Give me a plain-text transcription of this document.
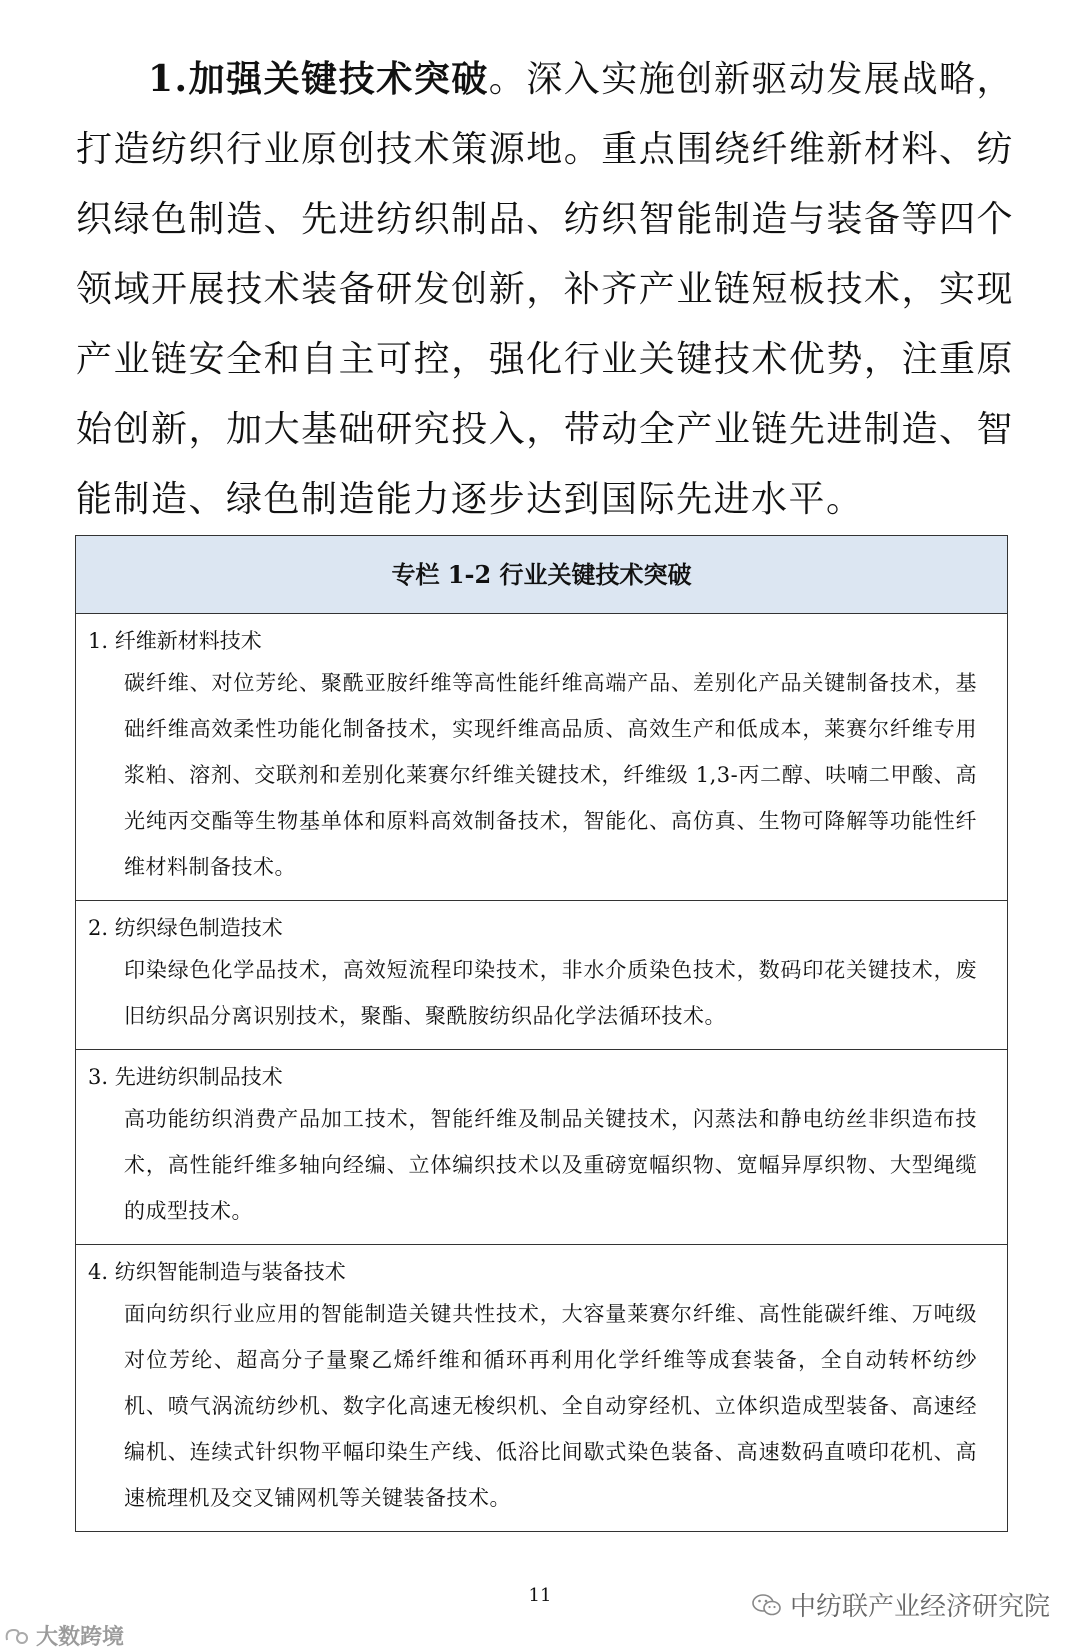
1.加强关键技术突破。深入实施创新驱动发展战略，打造纺织行业原创技术策源地。重点围绕纤维新材料、纺织绿色制造、先进纺织制品、纺织智能制造与装备等四个领域开展技术装备研发创新，补齐产业链短板技术，实现产业链安全和自主可控，强化行业关键技术优势，注重原始创新，加大基础研究投入，带动全产业链先进制造、智能制造、绿色制造能力逐步达到国际先进水平。

专栏 1-2 行业关键技术突破
1. 纤维新材料技术
碳纤维、对位芳纶、聚酰亚胺纤维等高性能纤维高端产品、差别化产品关键制备技术，基础纤维高效柔性功能化制备技术，实现纤维高品质、高效生产和低成本，莱赛尔纤维专用浆粕、溶剂、交联剂和差别化莱赛尔纤维关键技术，纤维级 1,3-丙二醇、呋喃二甲酸、高光纯丙交酯等生物基单体和原料高效制备技术，智能化、高仿真、生物可降解等功能性纤维材料制备技术。
2. 纺织绿色制造技术
印染绿色化学品技术，高效短流程印染技术，非水介质染色技术，数码印花关键技术，废旧纺织品分离识别技术，聚酯、聚酰胺纺织品化学法循环技术。
3. 先进纺织制品技术
高功能纺织消费产品加工技术，智能纤维及制品关键技术，闪蒸法和静电纺丝非织造布技术，高性能纤维多轴向经编、立体编织技术以及重磅宽幅织物、宽幅异厚织物、大型绳缆的成型技术。
4. 纺织智能制造与装备技术
面向纺织行业应用的智能制造关键共性技术，大容量莱赛尔纤维、高性能碳纤维、万吨级对位芳纶、超高分子量聚乙烯纤维和循环再利用化学纤维等成套装备，全自动转杯纺纱机、喷气涡流纺纱机、数字化高速无梭织机、全自动穿经机、立体织造成型装备、高速经编机、连续式针织物平幅印染生产线、低浴比间歇式染色装备、高速数码直喷印花机、高速梳理机及交叉铺网机等关键装备技术。
11	中纺联产业经济研究院
大数跨境
